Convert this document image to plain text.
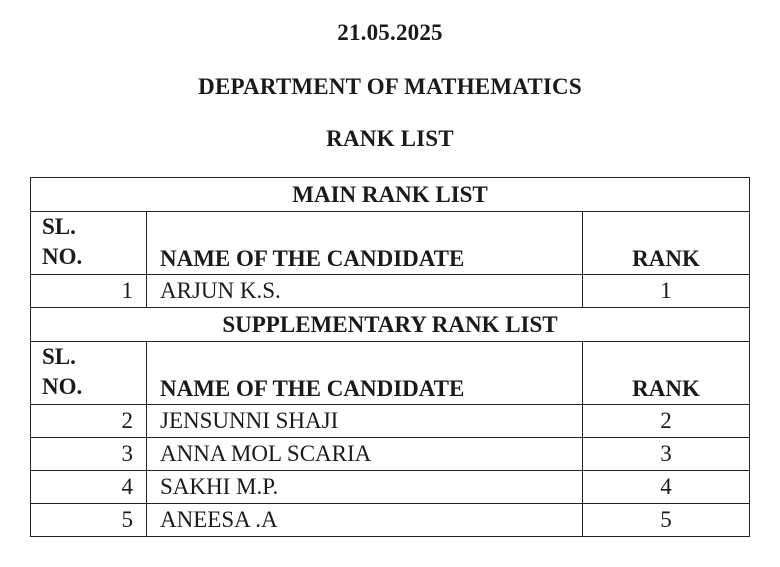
21.05.2025
DEPARTMENT OF MATHEMATICS
RANK LIST
MAIN RANK LIST		
SL.
NO.	NAME OF THE CANDIDATE	RANK
1	ARJUN K.S.	1
SUPPLEMENTARY RANK LIST		
SL.
NO.	NAME OF THE CANDIDATE	RANK
2	JENSUNNI SHAJI	2
3	ANNA MOL SCARIA	3
4	SAKHI M.P.	4
5	ANEESA .A	5
